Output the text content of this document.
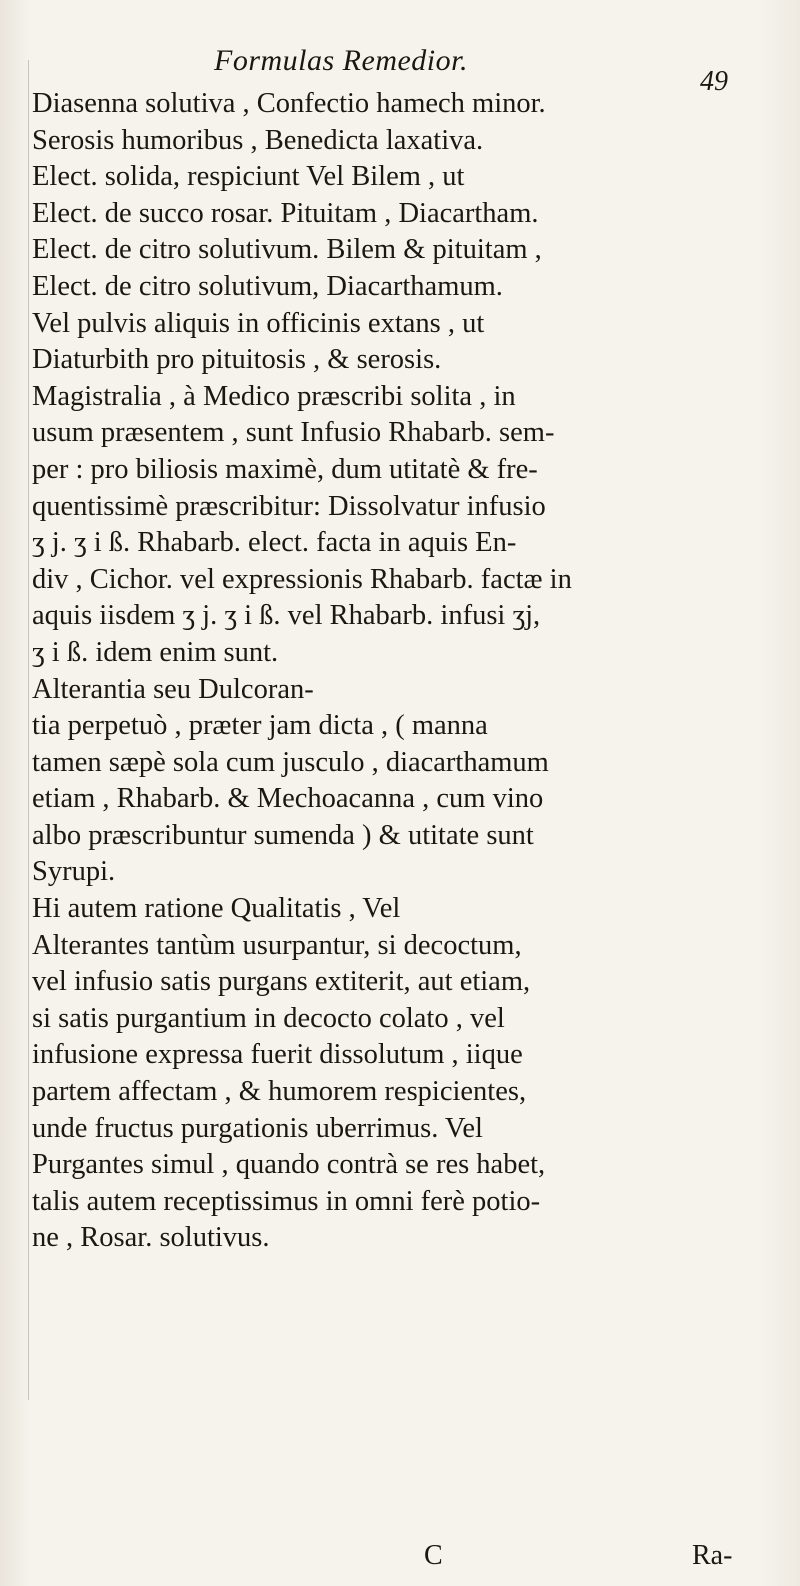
Formulas Remedior.
49
Diasenna solutiva , Confectio hamech minor.
Serosis humoribus , Benedicta laxativa.
Elect. solida, respiciunt Vel Bilem , ut
Elect. de succo rosar. Pituitam , Diacartham.
Elect. de citro solutivum. Bilem & pituitam ,
Elect. de citro solutivum, Diacarthamum.
Vel pulvis aliquis in officinis extans , ut
Diaturbith pro pituitosis , & serosis.
Magistralia , à Medico præscribi solita , in
usum præsentem , sunt Infusio Rhabarb. sem-
per : pro biliosis maximè, dum utitatè & fre-
quentissimè præscribitur: Dissolvatur infusio
ʒ j. ʒ i ß. Rhabarb. elect. facta in aquis En-
div , Cichor. vel expressionis Rhabarb. factæ in
aquis iisdem ʒ j. ʒ i ß. vel Rhabarb. infusi ʒj,
ʒ i ß. idem enim sunt.
Alterantia seu Dulcoran-
tia perpetuò , præter jam dicta , ( manna
tamen sæpè sola cum jusculo , diacarthamum
etiam , Rhabarb. & Mechoacanna , cum vino
albo præscribuntur sumenda ) & utitate sunt
Syrupi.
Hi autem ratione Qualitatis , Vel
Alterantes tantùm usurpantur, si decoctum,
vel infusio satis purgans extiterit, aut etiam,
si satis purgantium in decocto colato , vel
infusione expressa fuerit dissolutum , iique
partem affectam , & humorem respicientes,
unde fructus purgationis uberrimus. Vel
Purgantes simul , quando contrà se res habet,
talis autem receptissimus in omni ferè potio-
ne , Rosar. solutivus.
C	Ra-
